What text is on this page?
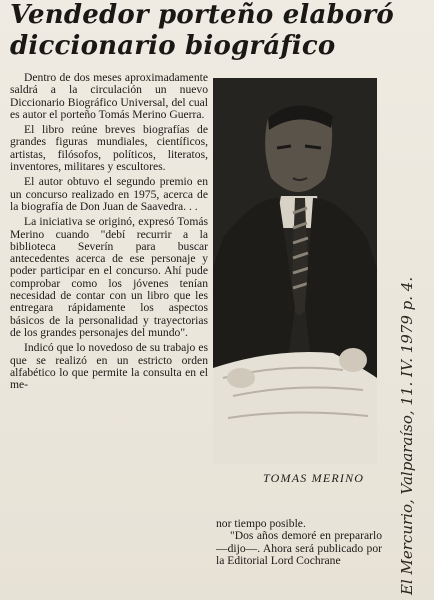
Vendedor porteño elaboró
diccionario biográfico

Dentro de dos meses aproximadamente saldrá a la circulación un nuevo Diccionario Biográfico Universal, del cual es autor el porteño Tomás Merino Guerra.

El libro reúne breves biografías de grandes figuras mundiales, científicos, artistas, filósofos, políticos, literatos, inventores, militares y escultores.

El autor obtuvo el segundo premio en un concurso realizado en 1975, acerca de la biografía de Don Juan de Saavedra. . .

La iniciativa se originó, expresó Tomás Merino cuando "debí recurrir a la biblioteca Severín para buscar antecedentes acerca de ese personaje y poder participar en el concurso. Ahí pude comprobar como los jóvenes tenían necesidad de contar con un libro que les entregara rápidamente los aspectos básicos de la personalidad y trayectorias de los grandes personajes del mundo".

Indicó que lo novedoso de su trabajo es que se realizó en un estricto orden alfabético lo que permite la consulta en el me-

TOMAS MERINO

nor tiempo posible.

"Dos años demoré en prepararlo —dijo—. Ahora será publicado por la Editorial Lord Cochrane	El Mercurio, Valparaíso, 11. IV. 1979 p. 4.
